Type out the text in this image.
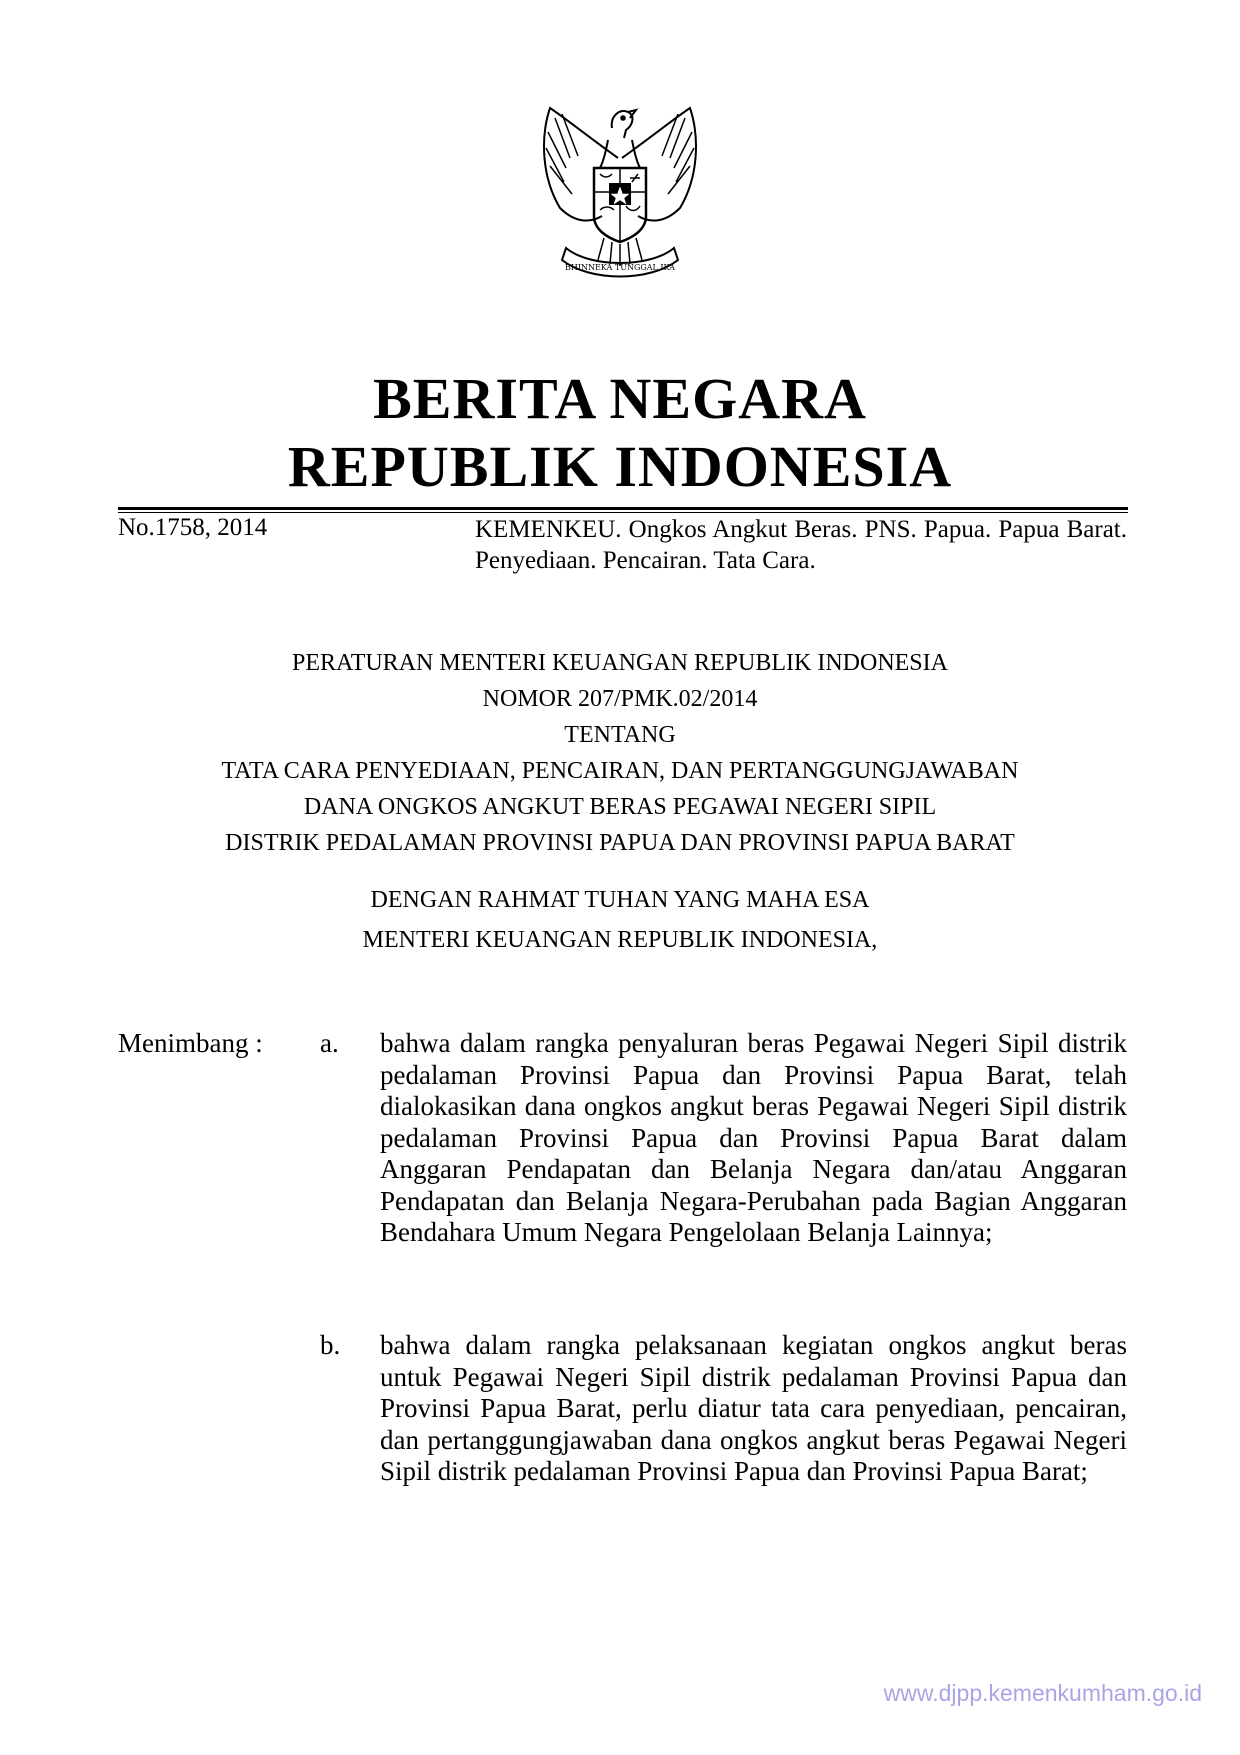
BHINNEKA TUNGGAL IKA
BERITA NEGARA
REPUBLIK INDONESIA
No.1758, 2014	KEMENKEU. Ongkos Angkut Beras. PNS. Papua. Papua Barat. Penyediaan. Pencairan. Tata Cara.
PERATURAN MENTERI KEUANGAN REPUBLIK INDONESIA
NOMOR 207/PMK.02/2014
TENTANG
TATA CARA PENYEDIAAN, PENCAIRAN, DAN PERTANGGUNGJAWABAN
DANA ONGKOS ANGKUT BERAS PEGAWAI NEGERI SIPIL
DISTRIK PEDALAMAN PROVINSI PAPUA DAN PROVINSI PAPUA BARAT
DENGAN RAHMAT TUHAN YANG MAHA ESA
MENTERI KEUANGAN REPUBLIK INDONESIA,
Menimbang : a. bahwa dalam rangka penyaluran beras Pegawai Negeri Sipil distrik pedalaman Provinsi Papua dan Provinsi Papua Barat, telah dialokasikan dana ongkos angkut beras Pegawai Negeri Sipil distrik pedalaman Provinsi Papua dan Provinsi Papua Barat dalam Anggaran Pendapatan dan Belanja Negara dan/atau Anggaran Pendapatan dan Belanja Negara-Perubahan pada Bagian Anggaran Bendahara Umum Negara Pengelolaan Belanja Lainnya;
b. bahwa dalam rangka pelaksanaan kegiatan ongkos angkut beras untuk Pegawai Negeri Sipil distrik pedalaman Provinsi Papua dan Provinsi Papua Barat, perlu diatur tata cara penyediaan, pencairan, dan pertanggungjawaban dana ongkos angkut beras Pegawai Negeri Sipil distrik pedalaman Provinsi Papua dan Provinsi Papua Barat;
www.djpp.kemenkumham.go.id
